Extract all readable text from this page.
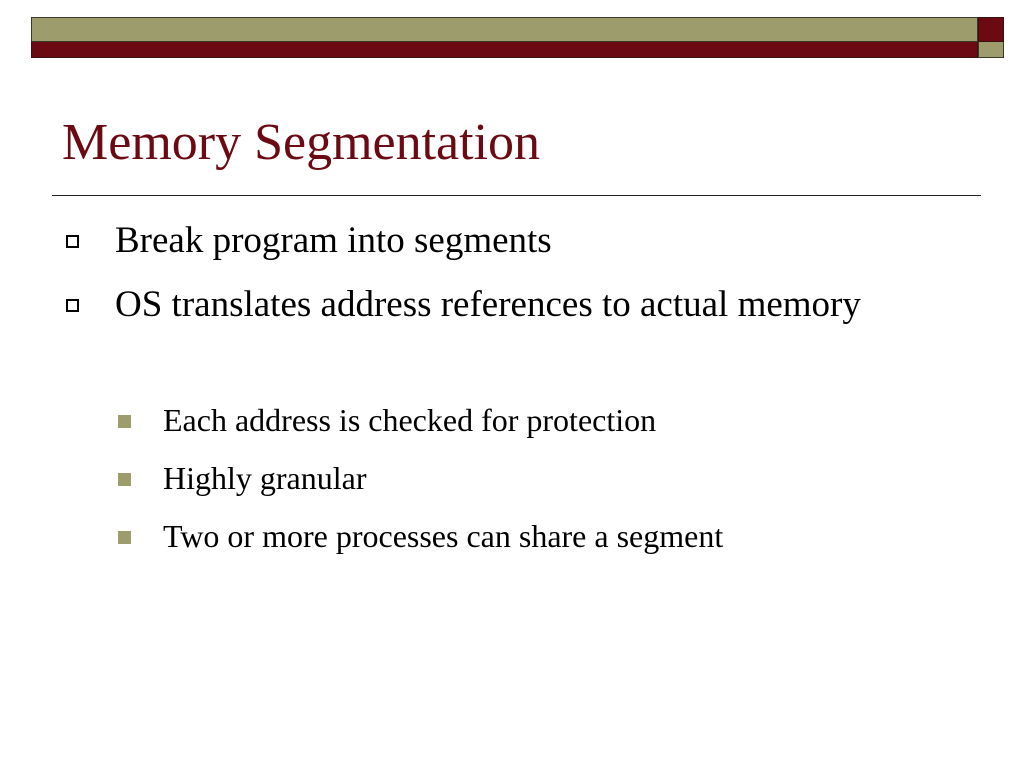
Memory Segmentation
Break program into segments
OS translates address references to actual memory
Each address is checked for protection
Highly granular
Two or more processes can share a segment
